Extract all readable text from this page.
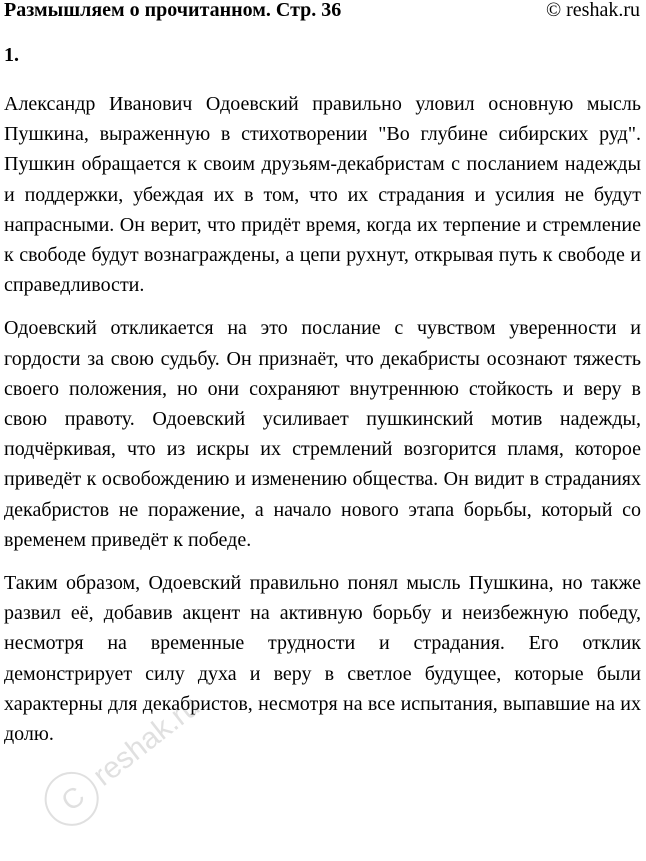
Размышляем о прочитанном. Стр. 36	© reshak.ru
1.

Александр Иванович Одоевский правильно уловил основную мысль Пушкина, выраженную в стихотворении "Во глубине сибирских руд". Пушкин обращается к своим друзьям-декабристам с посланием надежды и поддержки, убеждая их в том, что их страдания и усилия не будут напрасными. Он верит, что придёт время, когда их терпение и стремление к свободе будут вознаграждены, а цепи рухнут, открывая путь к свободе и справедливости.

Одоевский откликается на это послание с чувством уверенности и гордости за свою судьбу. Он признаёт, что декабристы осознают тяжесть своего положения, но они сохраняют внутреннюю стойкость и веру в свою правоту. Одоевский усиливает пушкинский мотив надежды, подчёркивая, что из искры их стремлений возгорится пламя, которое приведёт к освобождению и изменению общества. Он видит в страданиях декабристов не поражение, а начало нового этапа борьбы, который со временем приведёт к победе.

Таким образом, Одоевский правильно понял мысль Пушкина, но также развил её, добавив акцент на активную борьбу и неизбежную победу, несмотря на временные трудности и страдания. Его отклик демонстрирует силу духа и веру в светлое будущее, которые были характерны для декабристов, несмотря на все испытания, выпавшие на их долю.

C
reshak.ru
